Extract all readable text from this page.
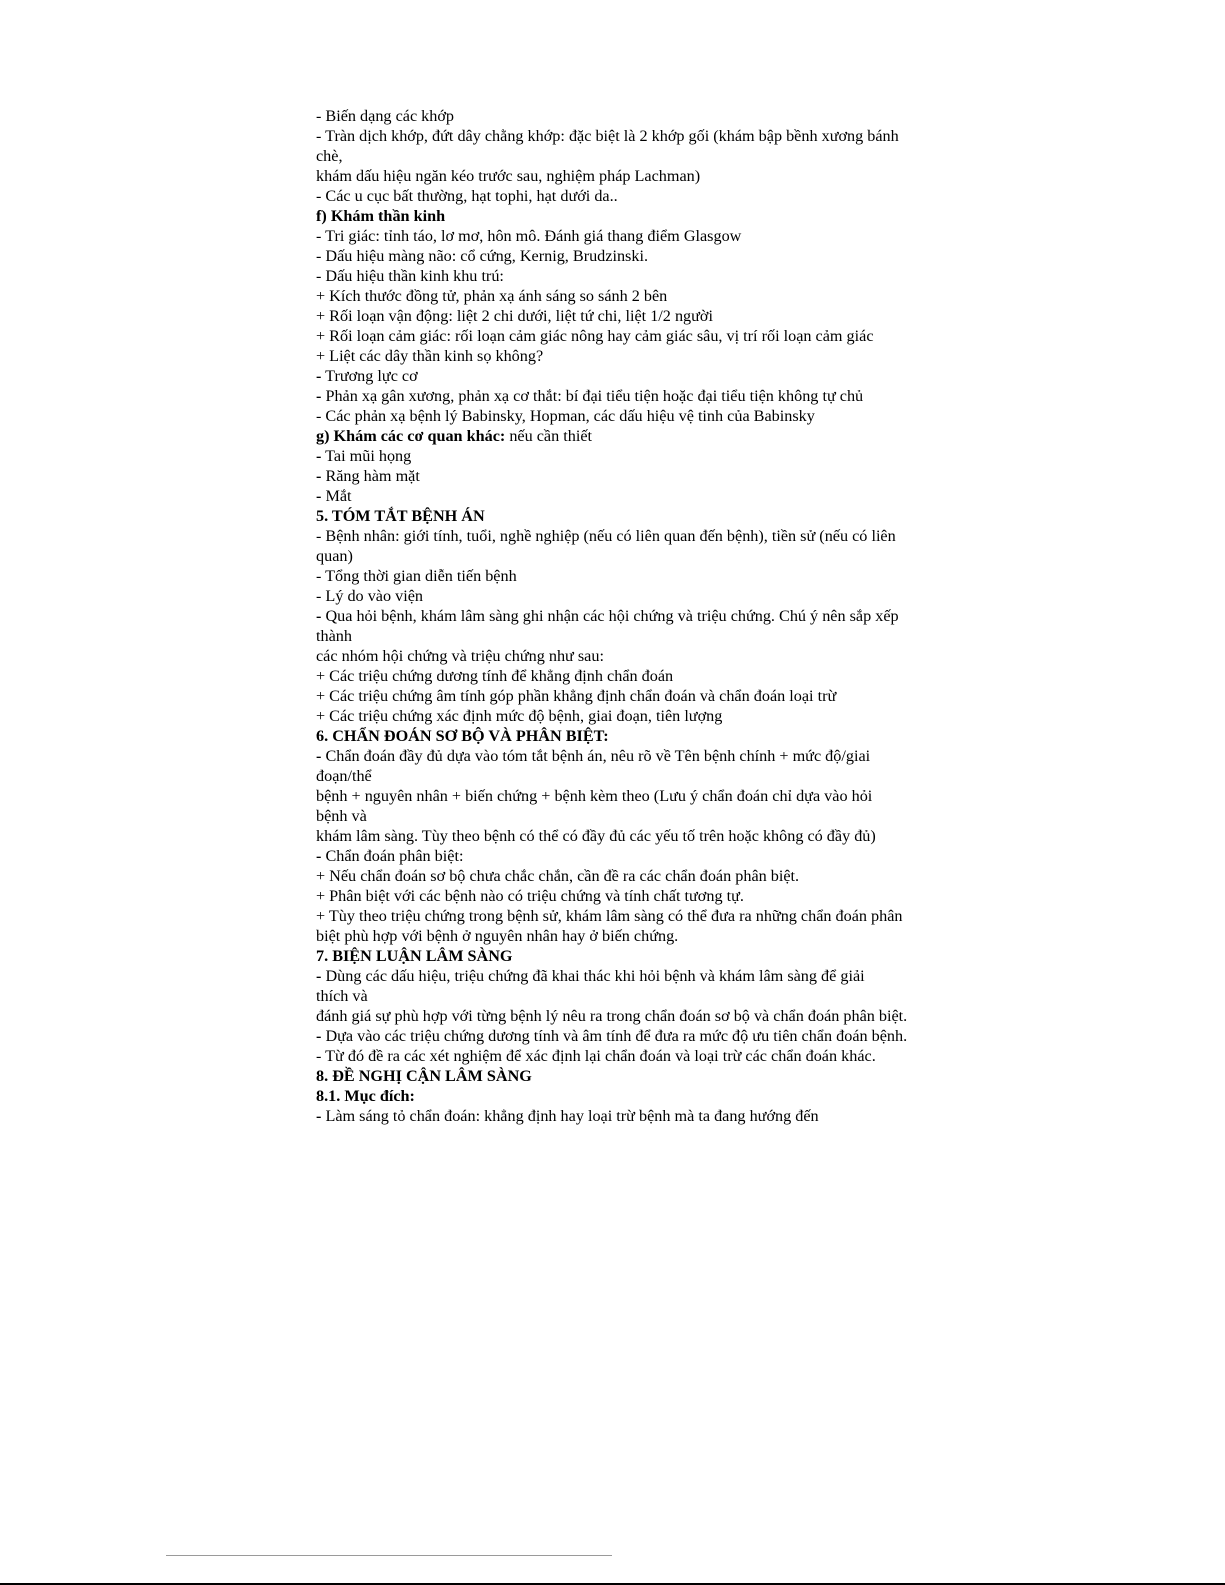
- Biến dạng các khớp
- Tràn dịch khớp, đứt dây chằng khớp: đặc biệt là 2 khớp gối (khám bập bềnh xương bánh
chè,
khám dấu hiệu ngăn kéo trước sau, nghiệm pháp Lachman)
- Các u cục bất thường, hạt tophi, hạt dưới da..
f) Khám thần kinh
- Tri giác: tỉnh táo, lơ mơ, hôn mô. Đánh giá thang điểm Glasgow
- Dấu hiệu màng não: cổ cứng, Kernig, Brudzinski.
- Dấu hiệu thần kinh khu trú:
+ Kích thước đồng tử, phản xạ ánh sáng so sánh 2 bên
+ Rối loạn vận động: liệt 2 chi dưới, liệt tứ chi, liệt 1/2 người
+ Rối loạn cảm giác: rối loạn cảm giác nông hay cảm giác sâu, vị trí rối loạn cảm giác
+ Liệt các dây thần kinh sọ không?
- Trương lực cơ
- Phản xạ gân xương, phản xạ cơ thắt: bí đại tiểu tiện hoặc đại tiểu tiện không tự chủ
- Các phản xạ bệnh lý Babinsky, Hopman, các dấu hiệu vệ tinh của Babinsky
g) Khám các cơ quan khác: nếu cần thiết
- Tai mũi họng
- Răng hàm mặt
- Mắt
5. TÓM TẮT BỆNH ÁN
- Bệnh nhân: giới tính, tuổi, nghề nghiệp (nếu có liên quan đến bệnh), tiền sử (nếu có liên
quan)
- Tổng thời gian diễn tiến bệnh
- Lý do vào viện
- Qua hỏi bệnh, khám lâm sàng ghi nhận các hội chứng và triệu chứng. Chú ý nên sắp xếp
thành
các nhóm hội chứng và triệu chứng như sau:
+ Các triệu chứng dương tính để khẳng định chẩn đoán
+ Các triệu chứng âm tính góp phần khẳng định chẩn đoán và chẩn đoán loại trừ
+ Các triệu chứng xác định mức độ bệnh, giai đoạn, tiên lượng
6. CHẨN ĐOÁN SƠ BỘ VÀ PHÂN BIỆT:
- Chẩn đoán đầy đủ dựa vào tóm tắt bệnh án, nêu rõ về Tên bệnh chính + mức độ/giai
đoạn/thể
bệnh + nguyên nhân + biến chứng + bệnh kèm theo (Lưu ý chẩn đoán chỉ dựa vào hỏi
bệnh và
khám lâm sàng. Tùy theo bệnh có thể có đầy đủ các yếu tố trên hoặc không có đầy đủ)
- Chẩn đoán phân biệt:
+ Nếu chẩn đoán sơ bộ chưa chắc chắn, cần đề ra các chẩn đoán phân biệt.
+ Phân biệt với các bệnh nào có triệu chứng và tính chất tương tự.
+ Tùy theo triệu chứng trong bệnh sử, khám lâm sàng có thể đưa ra những chẩn đoán phân
biệt phù hợp với bệnh ở nguyên nhân hay ở biến chứng.
7. BIỆN LUẬN LÂM SÀNG
- Dùng các dấu hiệu, triệu chứng đã khai thác khi hỏi bệnh và khám lâm sàng để giải
thích và
đánh giá sự phù hợp với từng bệnh lý nêu ra trong chẩn đoán sơ bộ và chẩn đoán phân biệt.
- Dựa vào các triệu chứng dương tính và âm tính để đưa ra mức độ ưu tiên chẩn đoán bệnh.
- Từ đó đề ra các xét nghiệm để xác định lại chẩn đoán và loại trừ các chẩn đoán khác.
8. ĐỀ NGHỊ CẬN LÂM SÀNG
8.1. Mục đích:
- Làm sáng tỏ chẩn đoán: khẳng định hay loại trừ bệnh mà ta đang hướng đến
